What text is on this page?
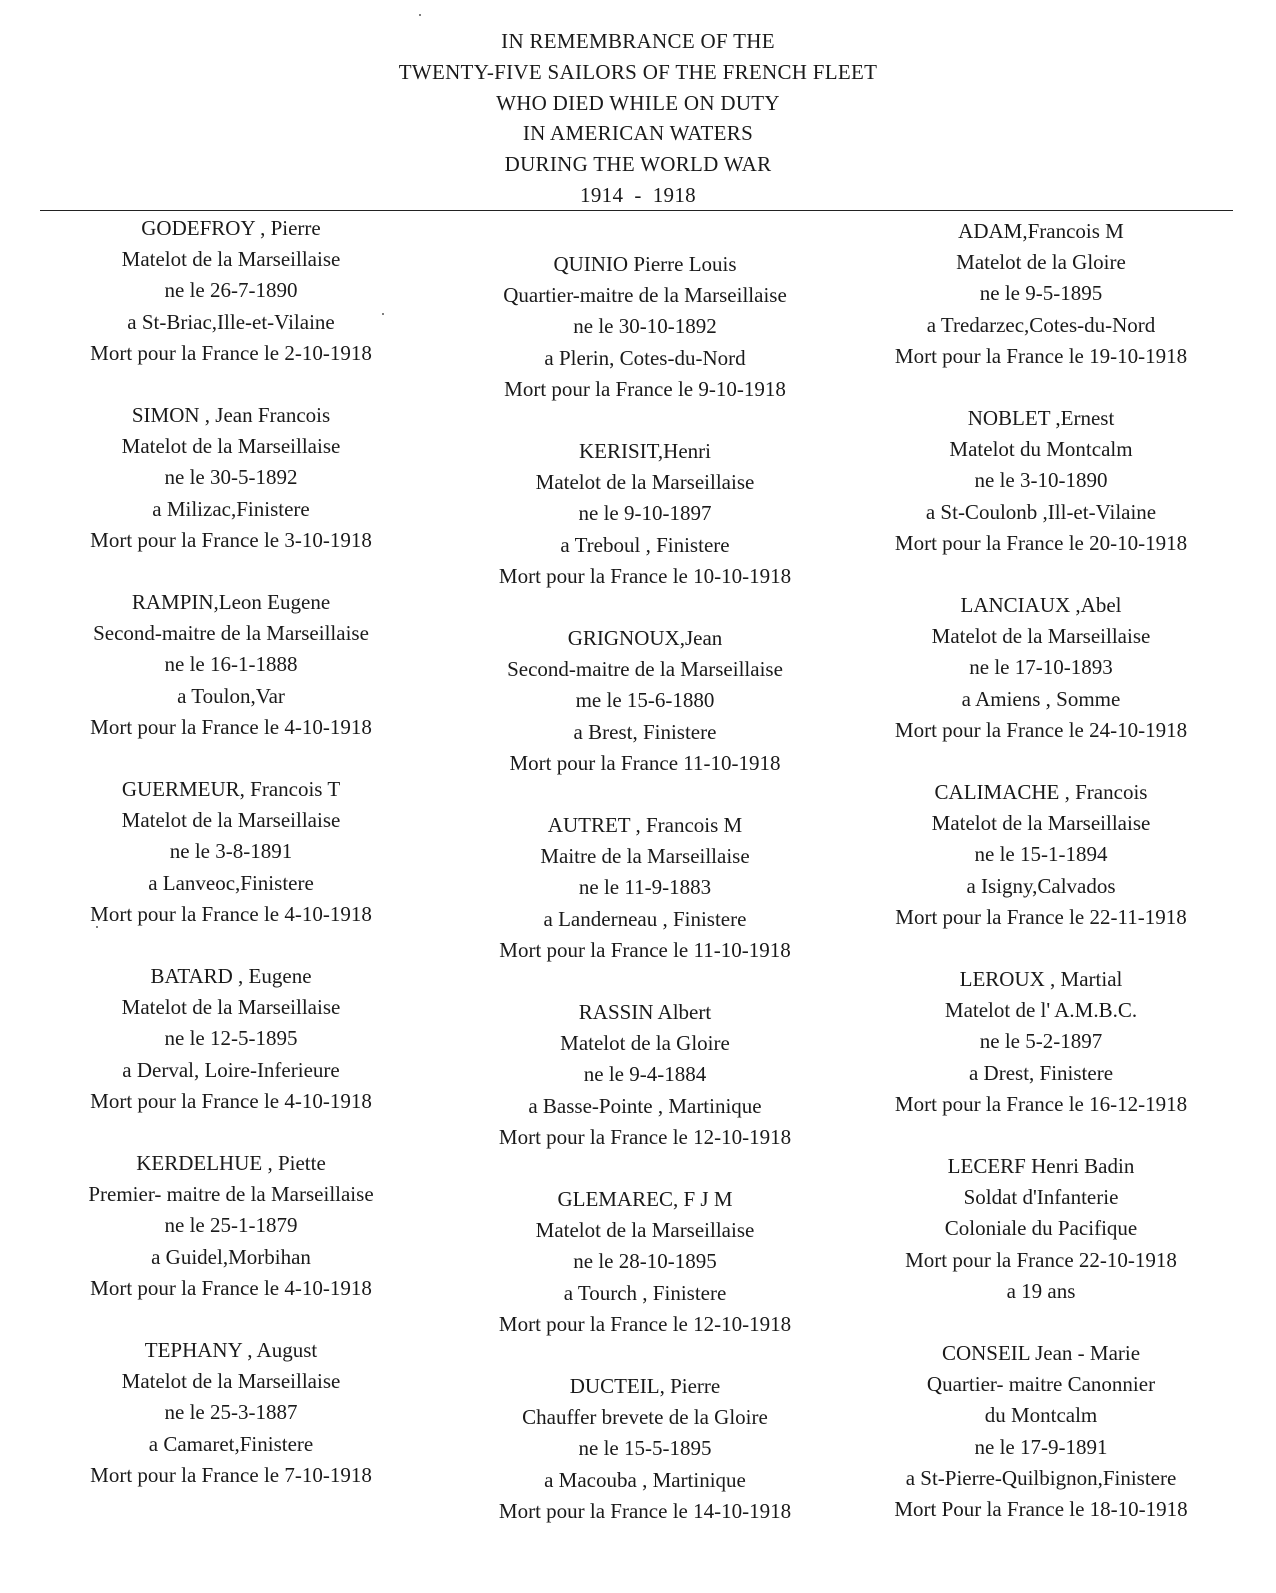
IN REMEMBRANCE OF THE
TWENTY-FIVE SAILORS OF THE FRENCH FLEET
WHO DIED WHILE ON DUTY
IN AMERICAN WATERS
DURING THE WORLD WAR
1914  -  1918
GODEFROY , Pierre
Matelot de la Marseillaise
ne le 26-7-1890
a St-Briac,Ille-et-Vilaine
Mort pour la France le 2-10-1918
SIMON , Jean Francois
Matelot de la Marseillaise
ne le 30-5-1892
a Milizac,Finistere
Mort pour la France le 3-10-1918
RAMPIN,Leon Eugene
Second-maitre de la Marseillaise
ne le 16-1-1888
a Toulon,Var
Mort pour la France le 4-10-1918
GUERMEUR, Francois T
Matelot de la Marseillaise
ne le 3-8-1891
a Lanveoc,Finistere
Mort pour la France le 4-10-1918
BATARD , Eugene
Matelot de la Marseillaise
ne le 12-5-1895
a Derval, Loire-Inferieure
Mort pour la France le 4-10-1918
KERDELHUE , Piette
Premier- maitre de la Marseillaise
ne le 25-1-1879
a Guidel,Morbihan
Mort pour la France le 4-10-1918
TEPHANY , August
Matelot de la Marseillaise
ne le 25-3-1887
a Camaret,Finistere
Mort pour la France le 7-10-1918
QUINIO Pierre Louis
Quartier-maitre de la Marseillaise
ne le 30-10-1892
a Plerin, Cotes-du-Nord
Mort pour la France le 9-10-1918
KERISIT,Henri
Matelot de la Marseillaise
ne le 9-10-1897
a Treboul , Finistere
Mort pour la France le 10-10-1918
GRIGNOUX,Jean
Second-maitre de la Marseillaise
me le 15-6-1880
a Brest, Finistere
Mort pour la France 11-10-1918
AUTRET , Francois M
Maitre de la Marseillaise
ne le 11-9-1883
a Landerneau , Finistere
Mort pour la France le 11-10-1918
RASSIN Albert
Matelot de la Gloire
ne le 9-4-1884
a Basse-Pointe , Martinique
Mort pour la France le 12-10-1918
GLEMAREC, F J M
Matelot de la Marseillaise
ne le 28-10-1895
a Tourch , Finistere
Mort pour la France le 12-10-1918
DUCTEIL, Pierre
Chauffer brevete de la Gloire
ne le 15-5-1895
a Macouba , Martinique
Mort pour la France le 14-10-1918
ADAM,Francois M
Matelot de la Gloire
ne le 9-5-1895
a Tredarzec,Cotes-du-Nord
Mort pour la France le 19-10-1918
NOBLET ,Ernest
Matelot du Montcalm
ne le 3-10-1890
a St-Coulonb ,Ill-et-Vilaine
Mort pour la France le 20-10-1918
LANCIAUX ,Abel
Matelot de la Marseillaise
ne le 17-10-1893
a Amiens , Somme
Mort pour la France le 24-10-1918
CALIMACHE , Francois
Matelot de la Marseillaise
ne le 15-1-1894
a Isigny,Calvados
Mort pour la France le 22-11-1918
LEROUX , Martial
Matelot de l' A.M.B.C.
ne le 5-2-1897
a Drest, Finistere
Mort pour la France le 16-12-1918
LECERF Henri Badin
Soldat d'Infanterie
Coloniale du Pacifique
Mort pour la France 22-10-1918
a 19 ans
CONSEIL Jean - Marie
Quartier- maitre Canonnier
du Montcalm
ne le 17-9-1891
a St-Pierre-Quilbignon,Finistere
Mort Pour la France le 18-10-1918
